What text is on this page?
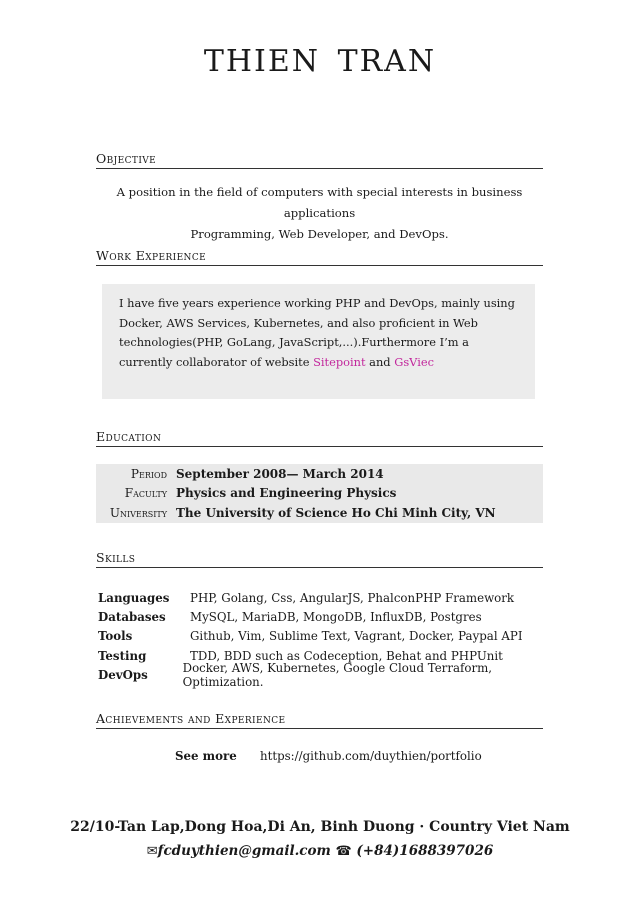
THIEN TRAN
Objective
A position in the field of computers with special interests in business applications
Programming, Web Developer, and DevOps.
Work Experience
I have five years experience working PHP and DevOps, mainly using Docker, AWS Services, Kubernetes, and also proficient in Web technologies(PHP, GoLang, JavaScript,...).Furthermore I’m a currently collaborator of website Sitepoint and GsViec
Education
Period September 2008— March 2014
Faculty Physics and Engineering Physics
University The University of Science Ho Chi Minh City, VN
Skills
Languages	PHP, Golang, Css, AngularJS, PhalconPHP Framework
Databases	MySQL, MariaDB, MongoDB, InfluxDB, Postgres
Tools	Github, Vim, Sublime Text, Vagrant, Docker, Paypal API
Testing	TDD, BDD such as Codeception, Behat and PHPUnit
DevOps	Docker, AWS, Kubernetes, Google Cloud Terraform, Optimization.
Achievements and Experience
See more	https://github.com/duythien/portfolio
22/10-Tan Lap,Dong Hoa,Di An, Binh Duong · Country Viet Nam
✉fcduythien@gmail.com ☎ (+84)1688397026
